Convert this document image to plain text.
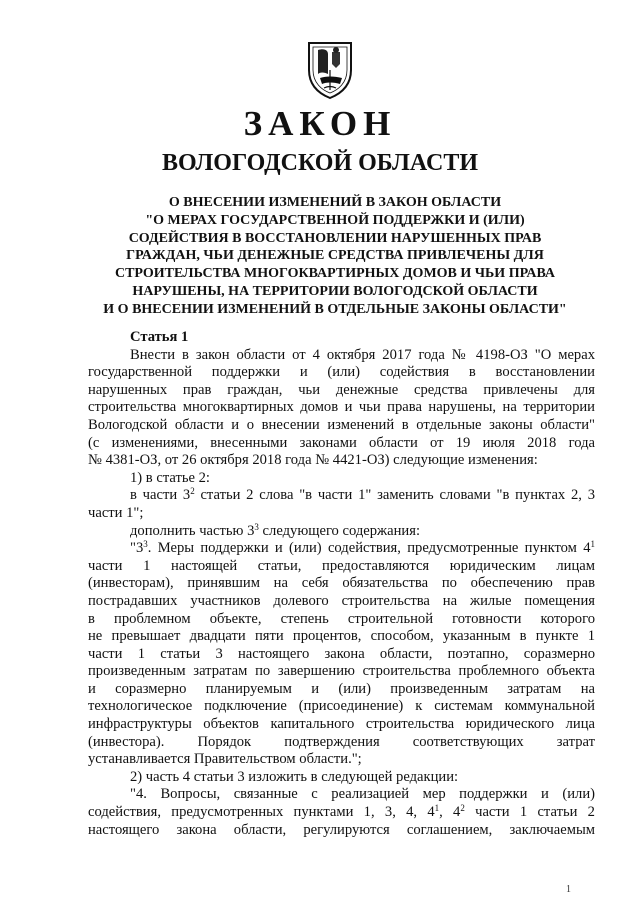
ЗАКОН
ВОЛОГОДСКОЙ ОБЛАСТИ
О ВНЕСЕНИИ ИЗМЕНЕНИЙ В ЗАКОН ОБЛАСТИ
"О МЕРАХ ГОСУДАРСТВЕННОЙ ПОДДЕРЖКИ И (ИЛИ)
СОДЕЙСТВИЯ В ВОССТАНОВЛЕНИИ НАРУШЕННЫХ ПРАВ
ГРАЖДАН, ЧЬИ ДЕНЕЖНЫЕ СРЕДСТВА ПРИВЛЕЧЕНЫ ДЛЯ
СТРОИТЕЛЬСТВА МНОГОКВАРТИРНЫХ ДОМОВ И ЧЬИ ПРАВА
НАРУШЕНЫ, НА ТЕРРИТОРИИ ВОЛОГОДСКОЙ ОБЛАСТИ
И О ВНЕСЕНИИ ИЗМЕНЕНИЙ В ОТДЕЛЬНЫЕ ЗАКОНЫ ОБЛАСТИ"

Статья 1

Внести в закон области от 4 октября 2017 года № 4198-ОЗ "О мерах

государственной поддержки и (или) содействия в восстановлении

нарушенных прав граждан, чьи денежные средства привлечены для

строительства многоквартирных домов и чьи права нарушены, на территории

Вологодской области и о внесении изменений в отдельные законы области"

(с изменениями, внесенными законами области от 19 июля 2018 года

№ 4381-ОЗ, от 26 октября 2018 года № 4421-ОЗ) следующие изменения:

1) в статье 2:

в части $3^2$ статьи 2 слова "в части 1" заменить словами "в пунктах 2, 3

части 1";

дополнить частью $3^3$ следующего содержания:

"$3^3$. Меры поддержки и (или) содействия, предусмотренные пунктом $4^1$

части 1 настоящей статьи, предоставляются юридическим лицам

(инвесторам), принявшим на себя обязательства по обеспечению прав

пострадавших участников долевого строительства на жилые помещения

в проблемном объекте, степень строительной готовности которого

не превышает двадцати пяти процентов, способом, указанным в пункте 1

части 1 статьи 3 настоящего закона области, поэтапно, соразмерно

произведенным затратам по завершению строительства проблемного объекта

и соразмерно планируемым и (или) произведенным затратам на

технологическое подключение (присоединение) к системам коммунальной

инфраструктуры объектов капитального строительства юридического лица

(инвестора). Порядок подтверждения соответствующих затрат

устанавливается Правительством области.";

2) часть 4 статьи 3 изложить в следующей редакции:

"4. Вопросы, связанные с реализацией мер поддержки и (или)

содействия, предусмотренных пунктами 1, 3, 4, $4^1$, $4^2$ части 1 статьи 2

настоящего закона области, регулируются соглашением, заключаемым

1
